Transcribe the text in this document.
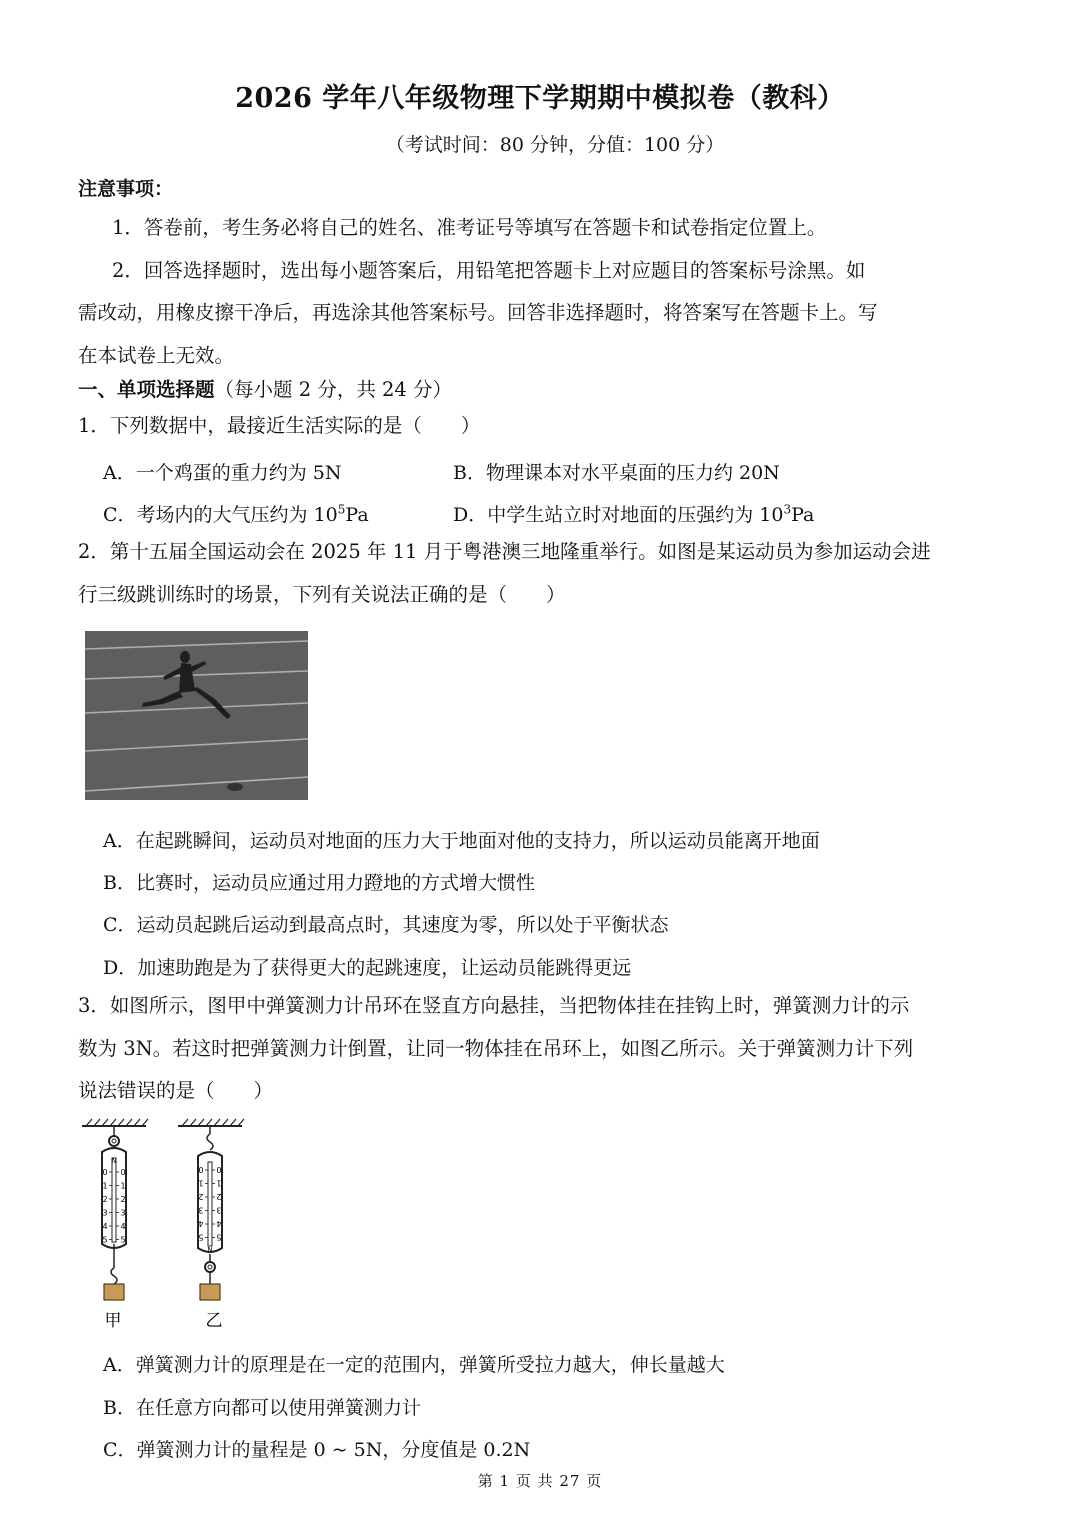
2026 学年八年级物理下学期期中模拟卷（教科）
（考试时间：80 分钟，分值：100 分）
注意事项：
1．答卷前，考生务必将自己的姓名、准考证号等填写在答题卡和试卷指定位置上。
2．回答选择题时，选出每小题答案后，用铅笔把答题卡上对应题目的答案标号涂黑。如
需改动，用橡皮擦干净后，再选涂其他答案标号。回答非选择题时，将答案写在答题卡上。写
在本试卷上无效。
一、单项选择题（每小题 2 分，共 24 分）
1．下列数据中，最接近生活实际的是（　　）
A．一个鸡蛋的重力约为 5N	B．物理课本对水平桌面的压力约 20N
C．考场内的大气压约为 $10^5Pa$	D．中学生站立时对地面的压强约为 $10^3Pa$
2．第十五届全国运动会在 2025 年 11 月于粤港澳三地隆重举行。如图是某运动员为参加运动会进
行三级跳训练时的场景，下列有关说法正确的是（　　）
A．在起跳瞬间，运动员对地面的压力大于地面对他的支持力，所以运动员能离开地面
B．比赛时，运动员应通过用力蹬地的方式增大惯性
C．运动员起跳后运动到最高点时，其速度为零，所以处于平衡状态
D．加速助跑是为了获得更大的起跳速度，让运动员能跳得更远
3．如图所示，图甲中弹簧测力计吊环在竖直方向悬挂，当把物体挂在挂钩上时，弹簧测力计的示
数为 3N。若这时把弹簧测力计倒置，让同一物体挂在吊环上，如图乙所示。关于弹簧测力计下列
说法错误的是（　　）
0 0
1 1
2 2
3 3
4 4
5 5
N
甲
0 0
1 1
2 2
3 3
4 4
5 5
N
乙
A．弹簧测力计的原理是在一定的范围内，弹簧所受拉力越大，伸长量越大
B．在任意方向都可以使用弹簧测力计
C．弹簧测力计的量程是 0 ~ 5N，分度值是 0.2N
第 1 页 共 27 页
